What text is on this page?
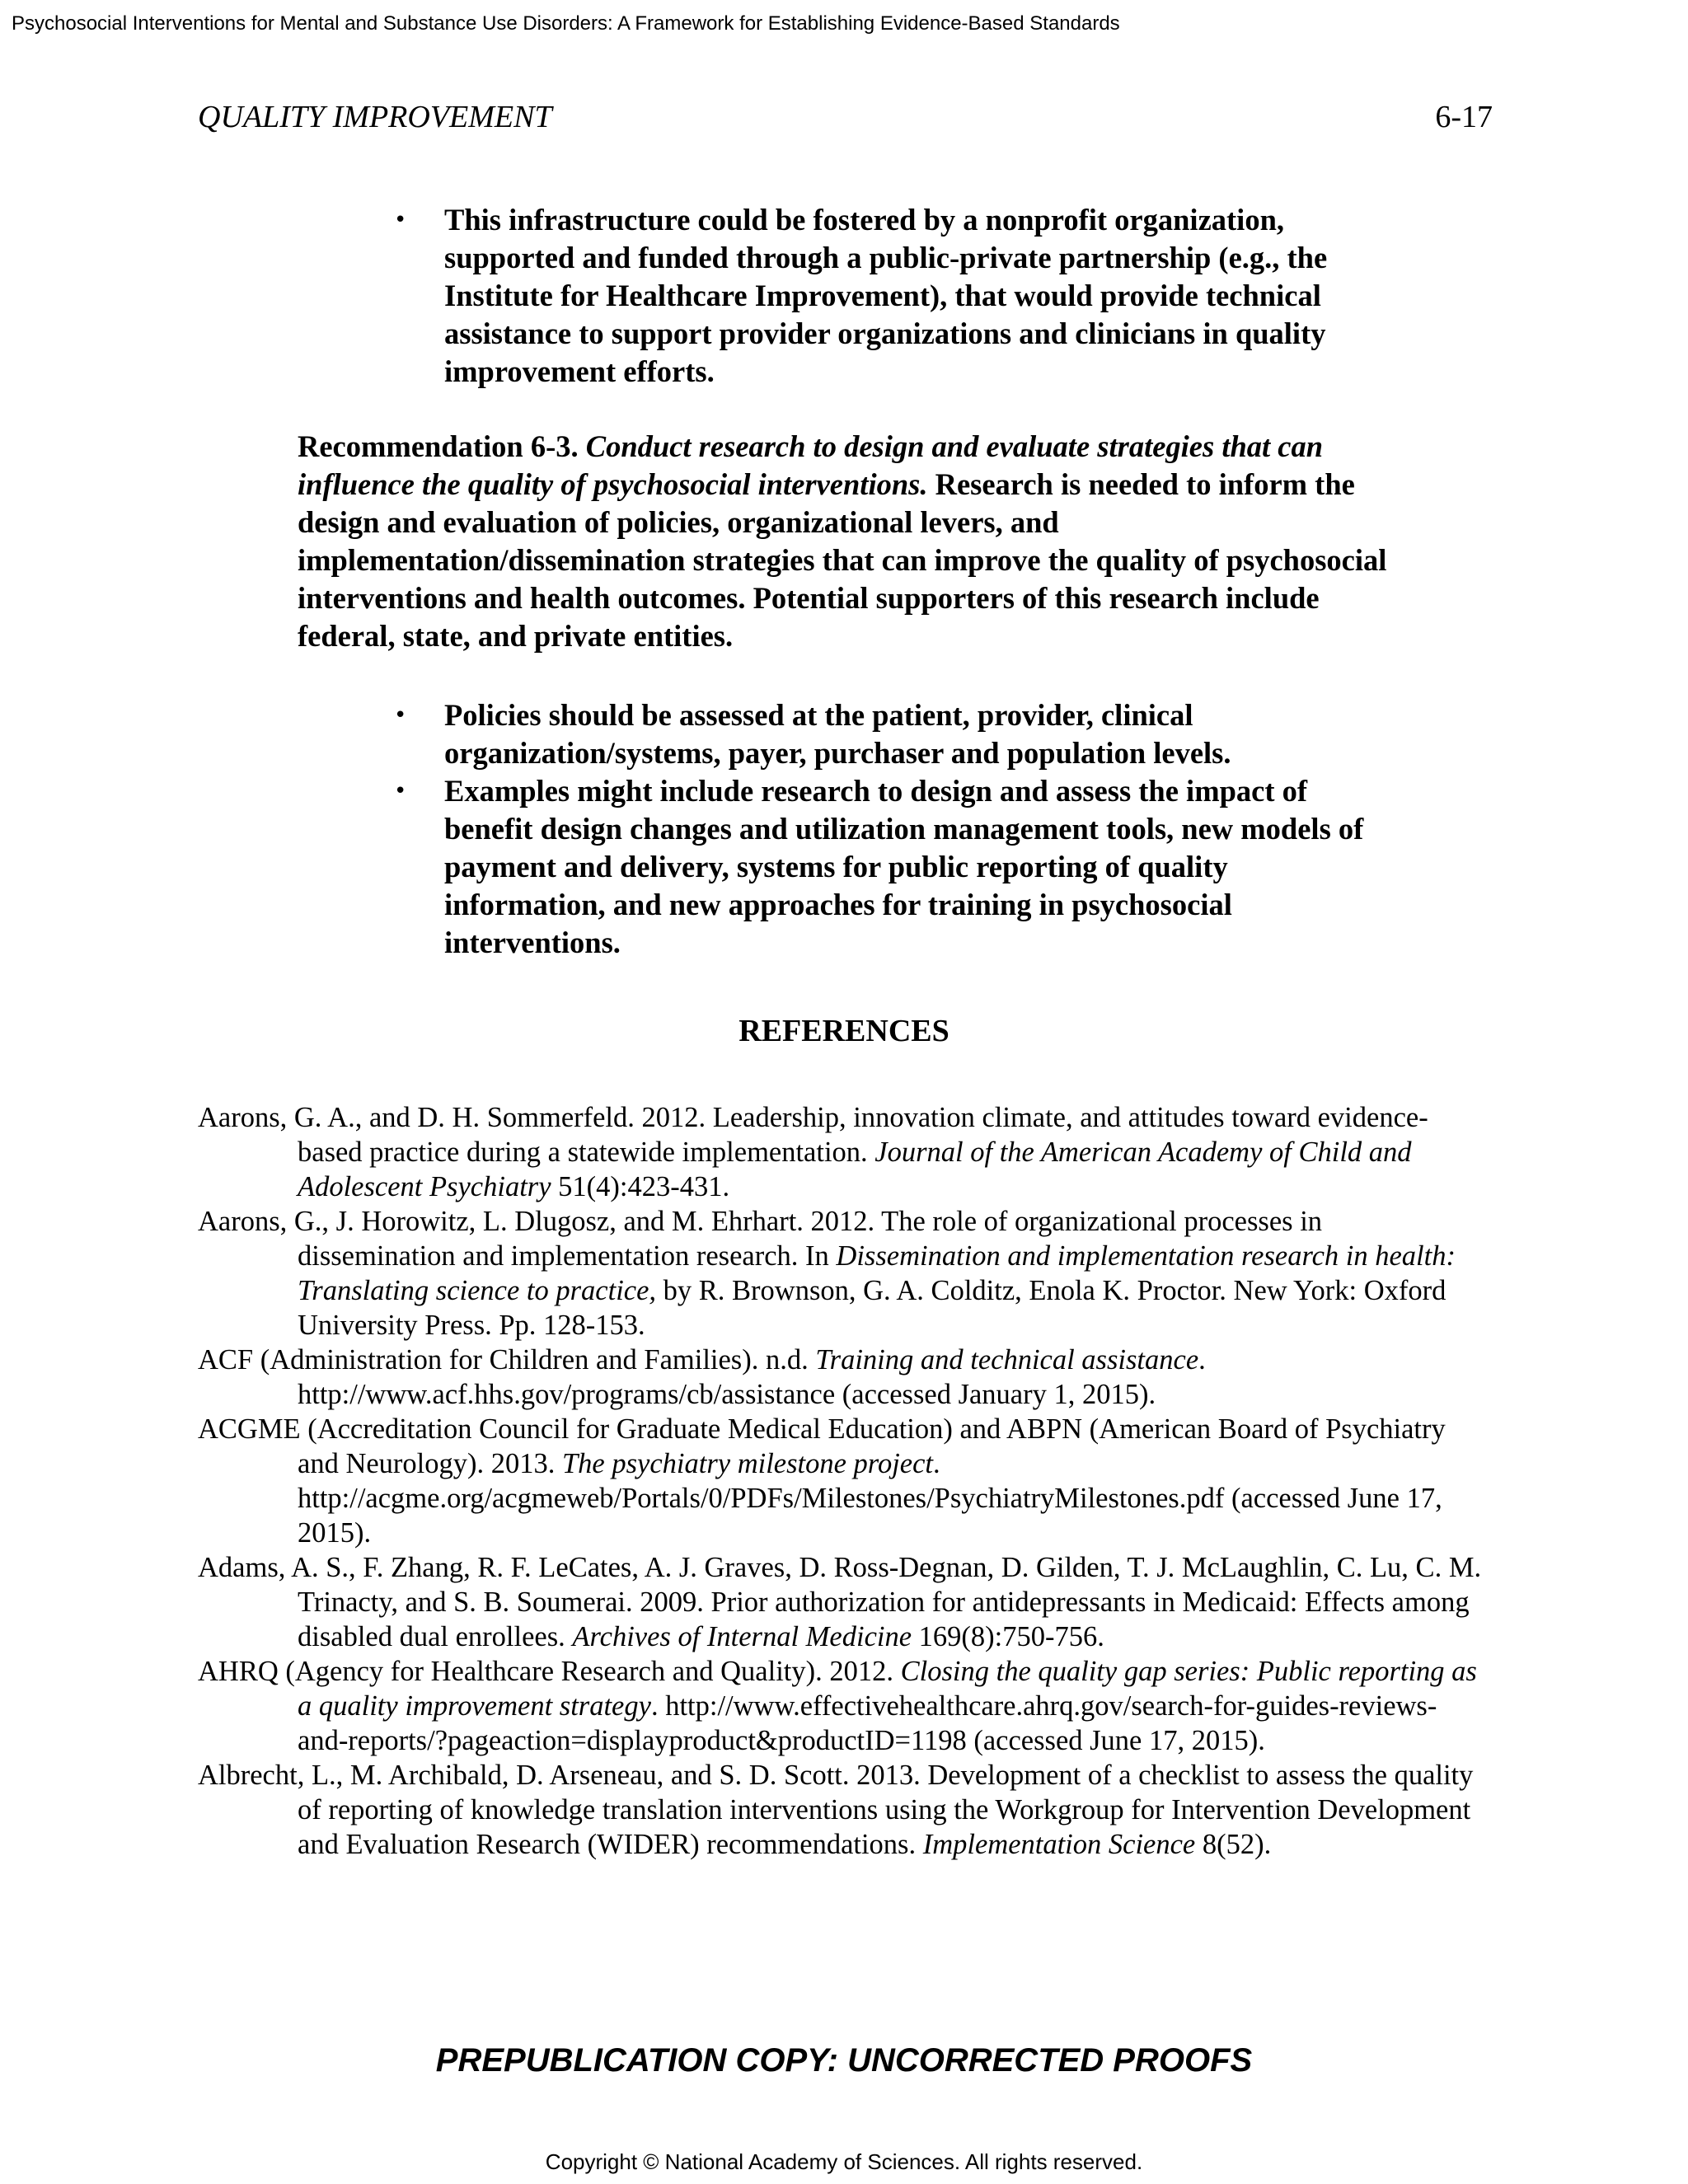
Psychosocial Interventions for Mental and Substance Use Disorders: A Framework for Establishing Evidence-Based Standards
QUALITY IMPROVEMENT	6-17
• This infrastructure could be fostered by a nonprofit organization, supported and funded through a public-private partnership (e.g., the Institute for Healthcare Improvement), that would provide technical assistance to support provider organizations and clinicians in quality improvement efforts.

Recommendation 6-3. Conduct research to design and evaluate strategies that can influence the quality of psychosocial interventions. Research is needed to inform the design and evaluation of policies, organizational levers, and implementation/dissemination strategies that can improve the quality of psychosocial interventions and health outcomes. Potential supporters of this research include federal, state, and private entities.

• Policies should be assessed at the patient, provider, clinical organization/systems, payer, purchaser and population levels.
• Examples might include research to design and assess the impact of benefit design changes and utilization management tools, new models of payment and delivery, systems for public reporting of quality information, and new approaches for training in psychosocial interventions.
REFERENCES
Aarons, G. A., and D. H. Sommerfeld. 2012. Leadership, innovation climate, and attitudes toward evidence-based practice during a statewide implementation. Journal of the American Academy of Child and Adolescent Psychiatry 51(4):423-431.
Aarons, G., J. Horowitz, L. Dlugosz, and M. Ehrhart. 2012. The role of organizational processes in dissemination and implementation research. In Dissemination and implementation research in health: Translating science to practice, by R. Brownson, G. A. Colditz, Enola K. Proctor. New York: Oxford University Press. Pp. 128-153.
ACF (Administration for Children and Families). n.d. Training and technical assistance. http://www.acf.hhs.gov/programs/cb/assistance (accessed January 1, 2015).
ACGME (Accreditation Council for Graduate Medical Education) and ABPN (American Board of Psychiatry and Neurology). 2013. The psychiatry milestone project. http://acgme.org/acgmeweb/Portals/0/PDFs/Milestones/PsychiatryMilestones.pdf (accessed June 17, 2015).
Adams, A. S., F. Zhang, R. F. LeCates, A. J. Graves, D. Ross-Degnan, D. Gilden, T. J. McLaughlin, C. Lu, C. M. Trinacty, and S. B. Soumerai. 2009. Prior authorization for antidepressants in Medicaid: Effects among disabled dual enrollees. Archives of Internal Medicine 169(8):750-756.
AHRQ (Agency for Healthcare Research and Quality). 2012. Closing the quality gap series: Public reporting as a quality improvement strategy. http://www.effectivehealthcare.ahrq.gov/search-for-guides-reviews-and-reports/?pageaction=displayproduct&productID=1198 (accessed June 17, 2015).
Albrecht, L., M. Archibald, D. Arseneau, and S. D. Scott. 2013. Development of a checklist to assess the quality of reporting of knowledge translation interventions using the Workgroup for Intervention Development and Evaluation Research (WIDER) recommendations. Implementation Science 8(52).
PREPUBLICATION COPY: UNCORRECTED PROOFS
Copyright © National Academy of Sciences. All rights reserved.
